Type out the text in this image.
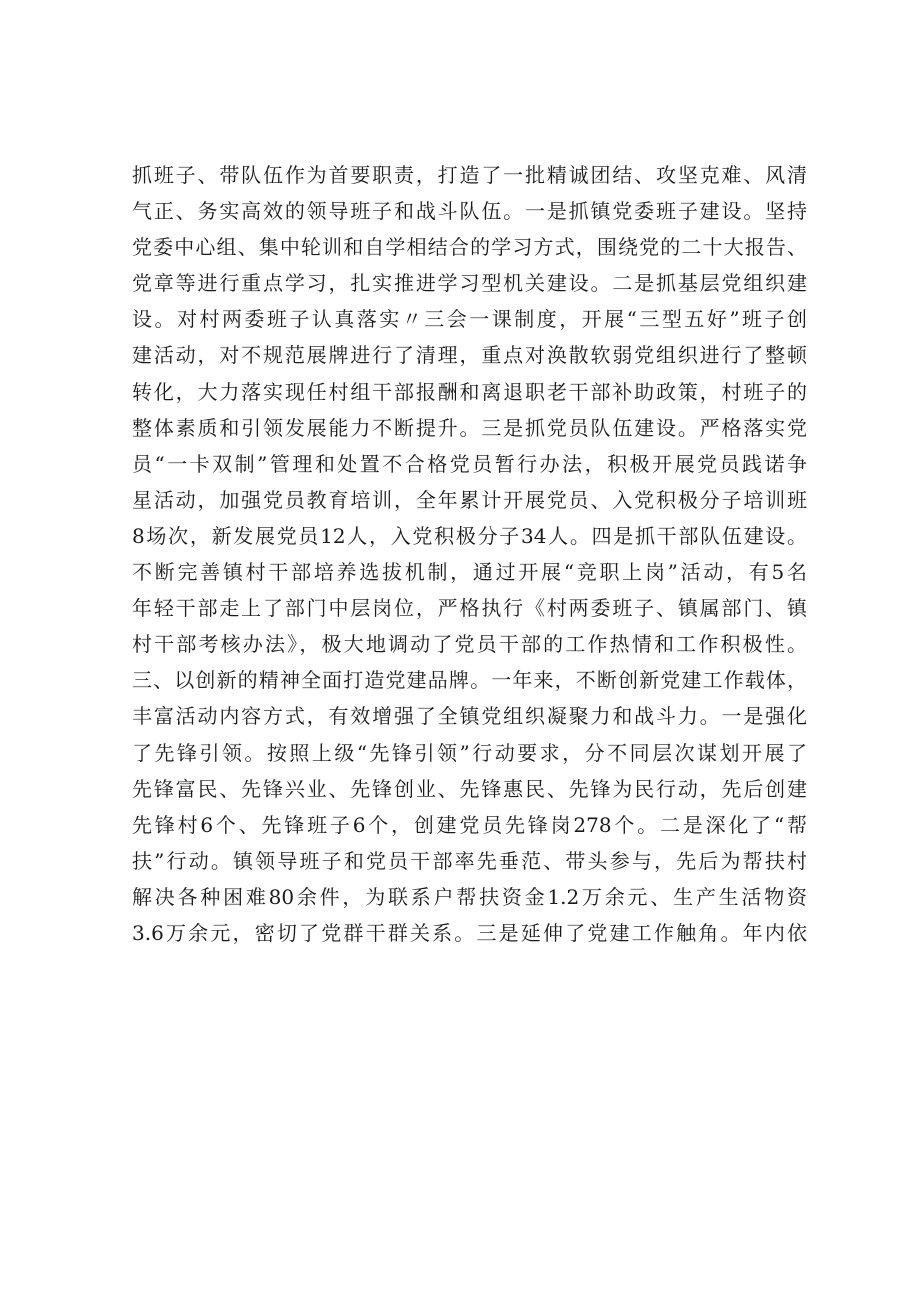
抓班子、带队伍作为首要职责，打造了一批精诚团结、攻坚克难、风清
气正、务实高效的领导班子和战斗队伍。一是抓镇党委班子建设。坚持
党委中心组、集中轮训和自学相结合的学习方式，围绕党的二十大报告、
党章等进行重点学习，扎实推进学习型机关建设。二是抓基层党组织建
设。对村两委班子认真落实〃三会一课制度，开展“三型五好”班子创
建活动，对不规范展牌进行了清理，重点对涣散软弱党组织进行了整顿
转化，大力落实现任村组干部报酬和离退职老干部补助政策，村班子的
整体素质和引领发展能力不断提升。三是抓党员队伍建设。严格落实党
员“一卡双制”管理和处置不合格党员暂行办法，积极开展党员践诺争
星活动，加强党员教育培训，全年累计开展党员、入党积极分子培训班
8场次，新发展党员12人，入党积极分子34人。四是抓干部队伍建设。
不断完善镇村干部培养选拔机制，通过开展“竞职上岗”活动，有5名
年轻干部走上了部门中层岗位，严格执行《村两委班子、镇属部门、镇
村干部考核办法》，极大地调动了党员干部的工作热情和工作积极性。
三、以创新的精神全面打造党建品牌。一年来，不断创新党建工作载体，
丰富活动内容方式，有效增强了全镇党组织凝聚力和战斗力。一是强化
了先锋引领。按照上级“先锋引领”行动要求，分不同层次谋划开展了
先锋富民、先锋兴业、先锋创业、先锋惠民、先锋为民行动，先后创建
先锋村6个、先锋班子6个，创建党员先锋岗278个。二是深化了“帮
扶”行动。镇领导班子和党员干部率先垂范、带头参与，先后为帮扶村
解决各种困难80余件，为联系户帮扶资金1.2万余元、生产生活物资
3.6万余元，密切了党群干群关系。三是延伸了党建工作触角。年内依
